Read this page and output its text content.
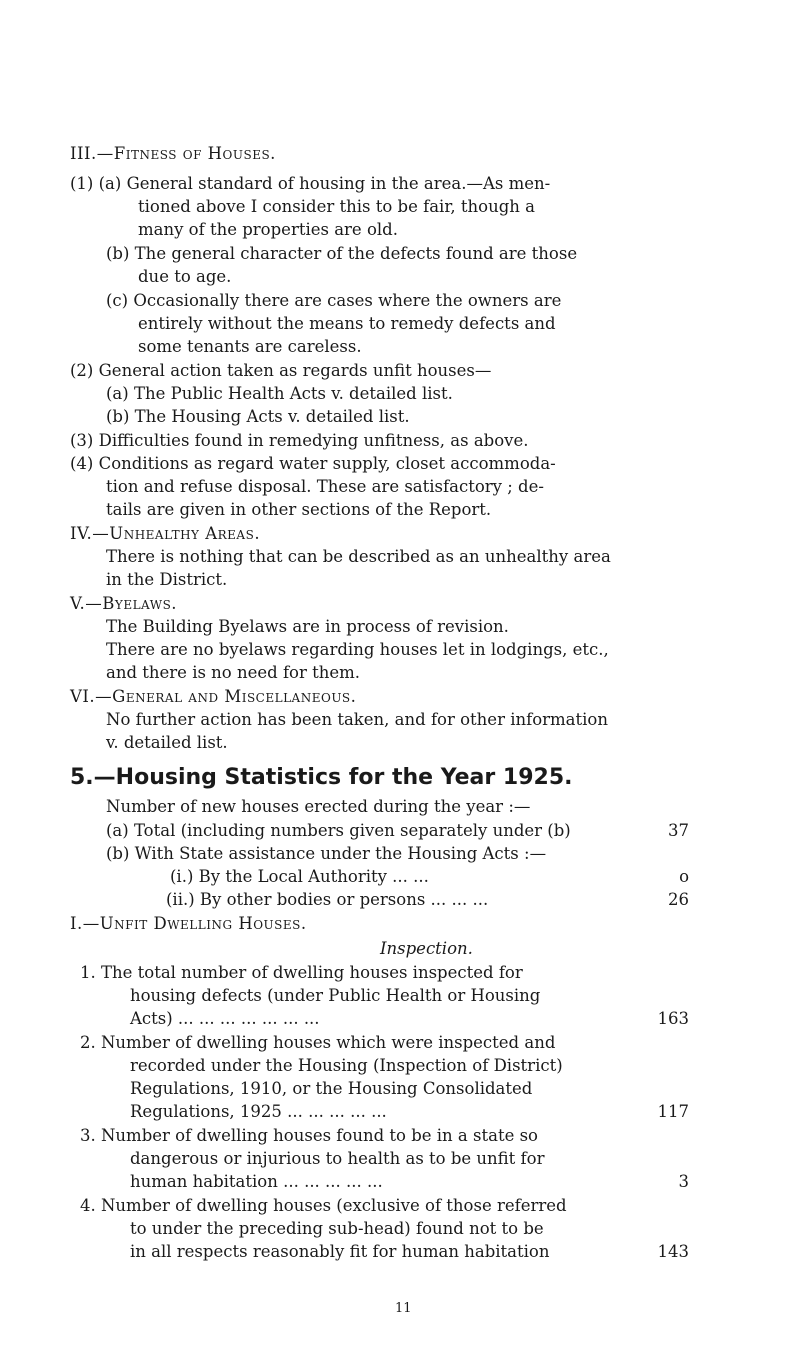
III.—Fitness of Houses.
(1) (a) General standard of housing in the area.—As men-
tioned above I consider this to be fair, though a
many of the properties are old.
(b) The general character of the defects found are those
due to age.
(c) Occasionally there are cases where the owners are
entirely without the means to remedy defects and
some tenants are careless.
(2) General action taken as regards unfit houses—
(a) The Public Health Acts v. detailed list.
(b) The Housing Acts v. detailed list.
(3) Difficulties found in remedying unfitness, as above.
(4) Conditions as regard water supply, closet accommoda-
tion and refuse disposal. These are satisfactory ; de-
tails are given in other sections of the Report.
IV.—Unhealthy Areas.
There is nothing that can be described as an unhealthy area
in the District.
V.—Byelaws.
The Building Byelaws are in process of revision.
There are no byelaws regarding houses let in lodgings, etc.,
and there is no need for them.
VI.—General and Miscellaneous.
No further action has been taken, and for other information
v. detailed list.
5.—Housing Statistics for the Year 1925.
Number of new houses erected during the year :—
(a) Total (including numbers given separately under (b)	37
(b) With State assistance under the Housing Acts :—
(i.) By the Local Authority ... ...	o
(ii.) By other bodies or persons ... ... ...	26
I.—Unfit Dwelling Houses.
Inspection.
1. The total number of dwelling houses inspected for
housing defects (under Public Health or Housing
Acts) ... ... ... ... ... ... ...	163
2. Number of dwelling houses which were inspected and
recorded under the Housing (Inspection of District)
Regulations, 1910, or the Housing Consolidated
Regulations, 1925 ... ... ... ... ...	117
3. Number of dwelling houses found to be in a state so
dangerous or injurious to health as to be unfit for
human habitation ... ... ... ... ...	3
4. Number of dwelling houses (exclusive of those referred
to under the preceding sub-head) found not to be
in all respects reasonably fit for human habitation	143
11
